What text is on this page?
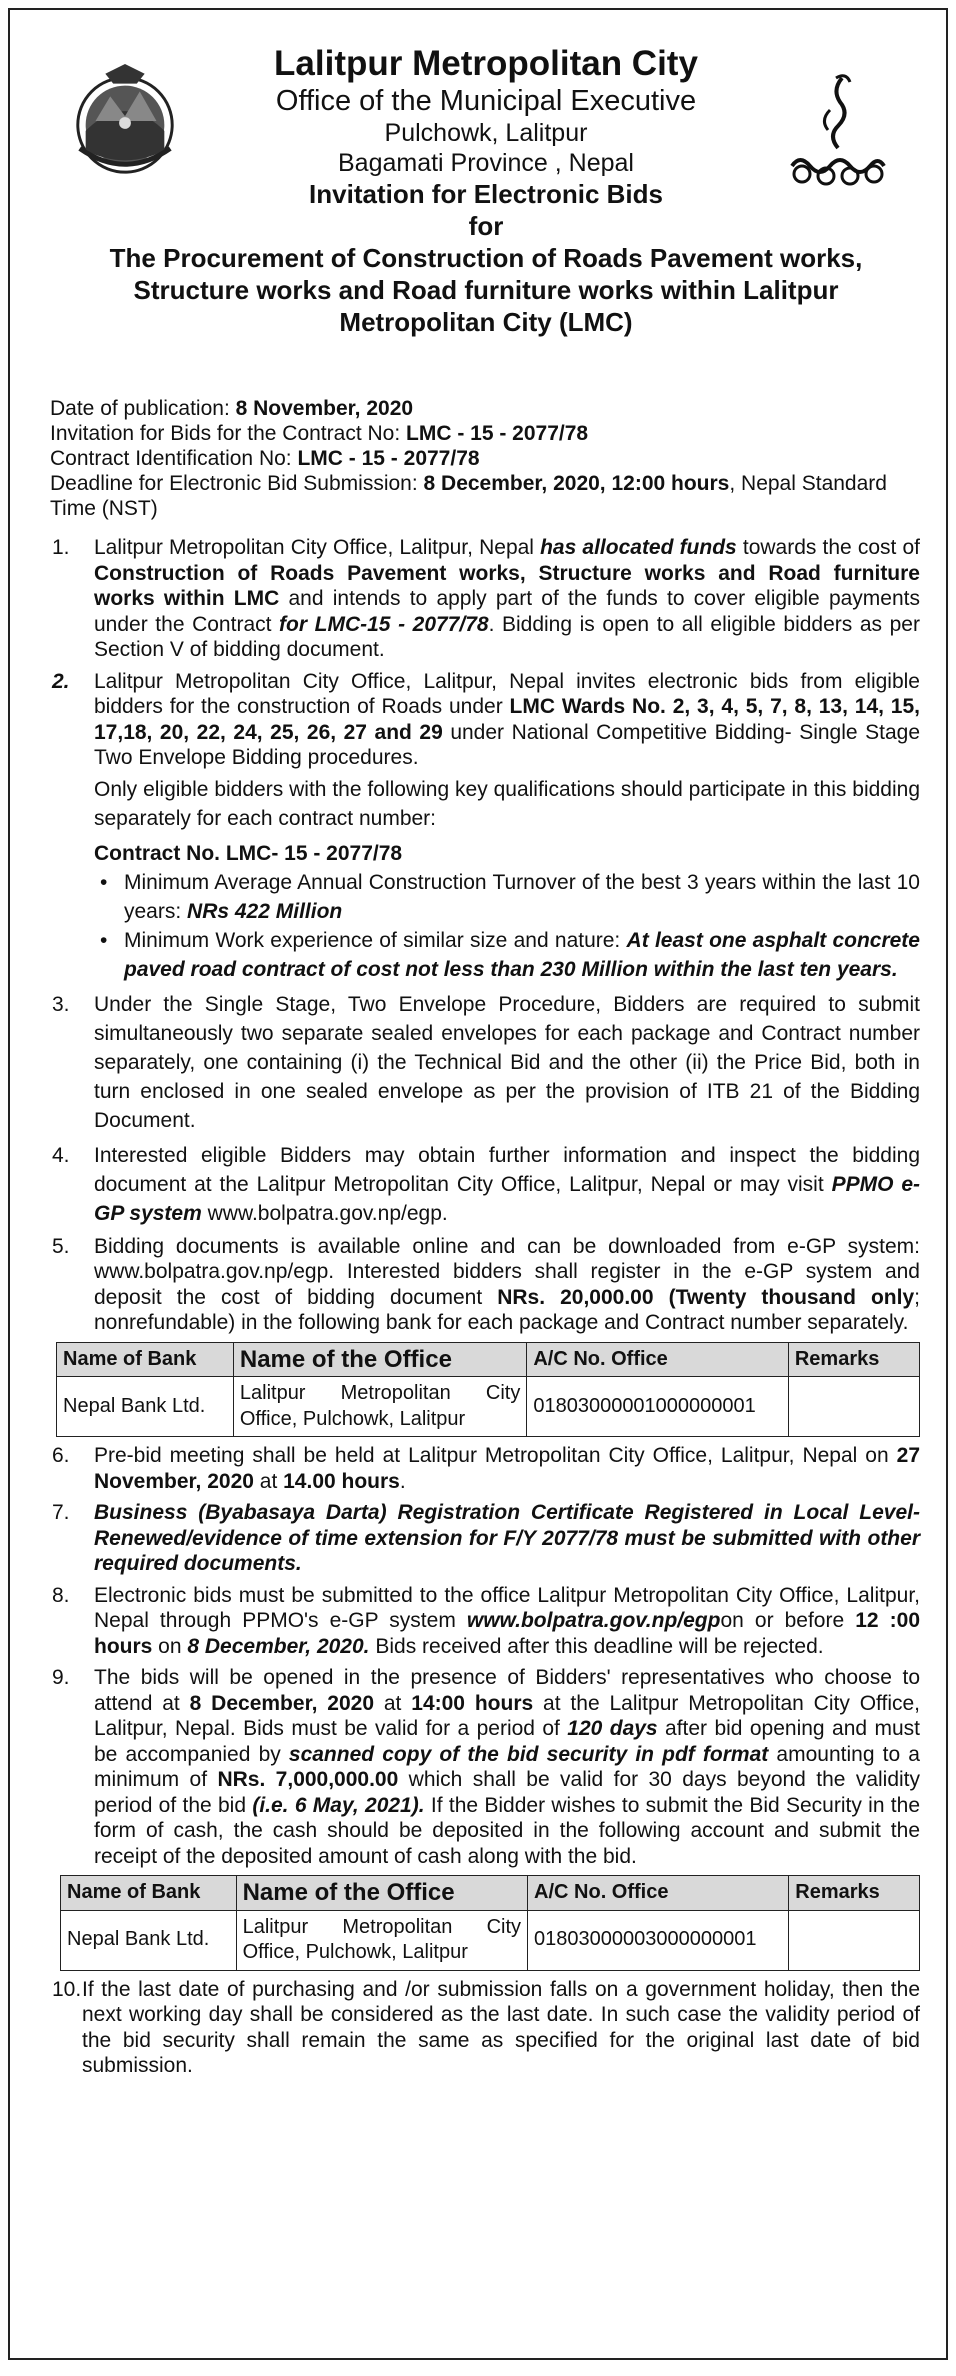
Lalitpur Metropolitan City
Office of the Municipal Executive
Pulchowk, Lalitpur
Bagamati Province , Nepal
Invitation for Electronic Bids
for
The Procurement of Construction of Roads Pavement works,
Structure works and Road furniture works within Lalitpur
Metropolitan City (LMC)
Date of publication: 8 November, 2020
Invitation for Bids for the Contract No: LMC - 15 - 2077/78
Contract Identification No: LMC - 15 - 2077/78
Deadline for Electronic Bid Submission: 8 December, 2020, 12:00 hours, Nepal Standard Time (NST)
1. Lalitpur Metropolitan City Office, Lalitpur, Nepal has allocated funds towards the cost of Construction of Roads Pavement works, Structure works and Road furniture works within LMC and intends to apply part of the funds to cover eligible payments under the Contract for LMC-15 - 2077/78. Bidding is open to all eligible bidders as per Section V of bidding document.
2. Lalitpur Metropolitan City Office, Lalitpur, Nepal invites electronic bids from eligible bidders for the construction of Roads under LMC Wards No. 2, 3, 4, 5, 7, 8, 13, 14, 15, 17,18, 20, 22, 24, 25, 26, 27 and 29 under National Competitive Bidding- Single Stage Two Envelope Bidding procedures.
Only eligible bidders with the following key qualifications should participate in this bidding separately for each contract number:
Contract No. LMC- 15 - 2077/78
• Minimum Average Annual Construction Turnover of the best 3 years within the last 10 years: NRs 422 Million
• Minimum Work experience of similar size and nature: At least one asphalt concrete paved road contract of cost not less than 230 Million within the last ten years.
3. Under the Single Stage, Two Envelope Procedure, Bidders are required to submit simultaneously two separate sealed envelopes for each package and Contract number separately, one containing (i) the Technical Bid and the other (ii) the Price Bid, both in turn enclosed in one sealed envelope as per the provision of ITB 21 of the Bidding Document.
4. Interested eligible Bidders may obtain further information and inspect the bidding document at the Lalitpur Metropolitan City Office, Lalitpur, Nepal or may visit PPMO e-GP system www.bolpatra.gov.np/egp.
5. Bidding documents is available online and can be downloaded from e-GP system: www.bolpatra.gov.np/egp. Interested bidders shall register in the e-GP system and deposit the cost of bidding document NRs. 20,000.00 (Twenty thousand only; nonrefundable) in the following bank for each package and Contract number separately.
Name of Bank	Name of the Office	A/C No. Office	Remarks
Nepal Bank Ltd.	Lalitpur Metropolitan City Office, Pulchowk, Lalitpur	01803000001000000001	
6. Pre-bid meeting shall be held at Lalitpur Metropolitan City Office, Lalitpur, Nepal on 27 November, 2020 at 14.00 hours.
7. Business (Byabasaya Darta) Registration Certificate Registered in Local Level-Renewed/evidence of time extension for F/Y 2077/78 must be submitted with other required documents.
8. Electronic bids must be submitted to the office Lalitpur Metropolitan City Office, Lalitpur, Nepal through PPMO's e-GP system www.bolpatra.gov.np/egpon or before 12 :00 hours on 8 December, 2020. Bids received after this deadline will be rejected.
9. The bids will be opened in the presence of Bidders' representatives who choose to attend at 8 December, 2020 at 14:00 hours at the Lalitpur Metropolitan City Office, Lalitpur, Nepal. Bids must be valid for a period of 120 days after bid opening and must be accompanied by scanned copy of the bid security in pdf format amounting to a minimum of NRs. 7,000,000.00 which shall be valid for 30 days beyond the validity period of the bid (i.e. 6 May, 2021). If the Bidder wishes to submit the Bid Security in the form of cash, the cash should be deposited in the following account and submit the receipt of the deposited amount of cash along with the bid.
Name of Bank	Name of the Office	A/C No. Office	Remarks
Nepal Bank Ltd.	Lalitpur Metropolitan City Office, Pulchowk, Lalitpur	01803000003000000001	
10. If the last date of purchasing and /or submission falls on a government holiday, then the next working day shall be considered as the last date. In such case the validity period of the bid security shall remain the same as specified for the original last date of bid submission.
